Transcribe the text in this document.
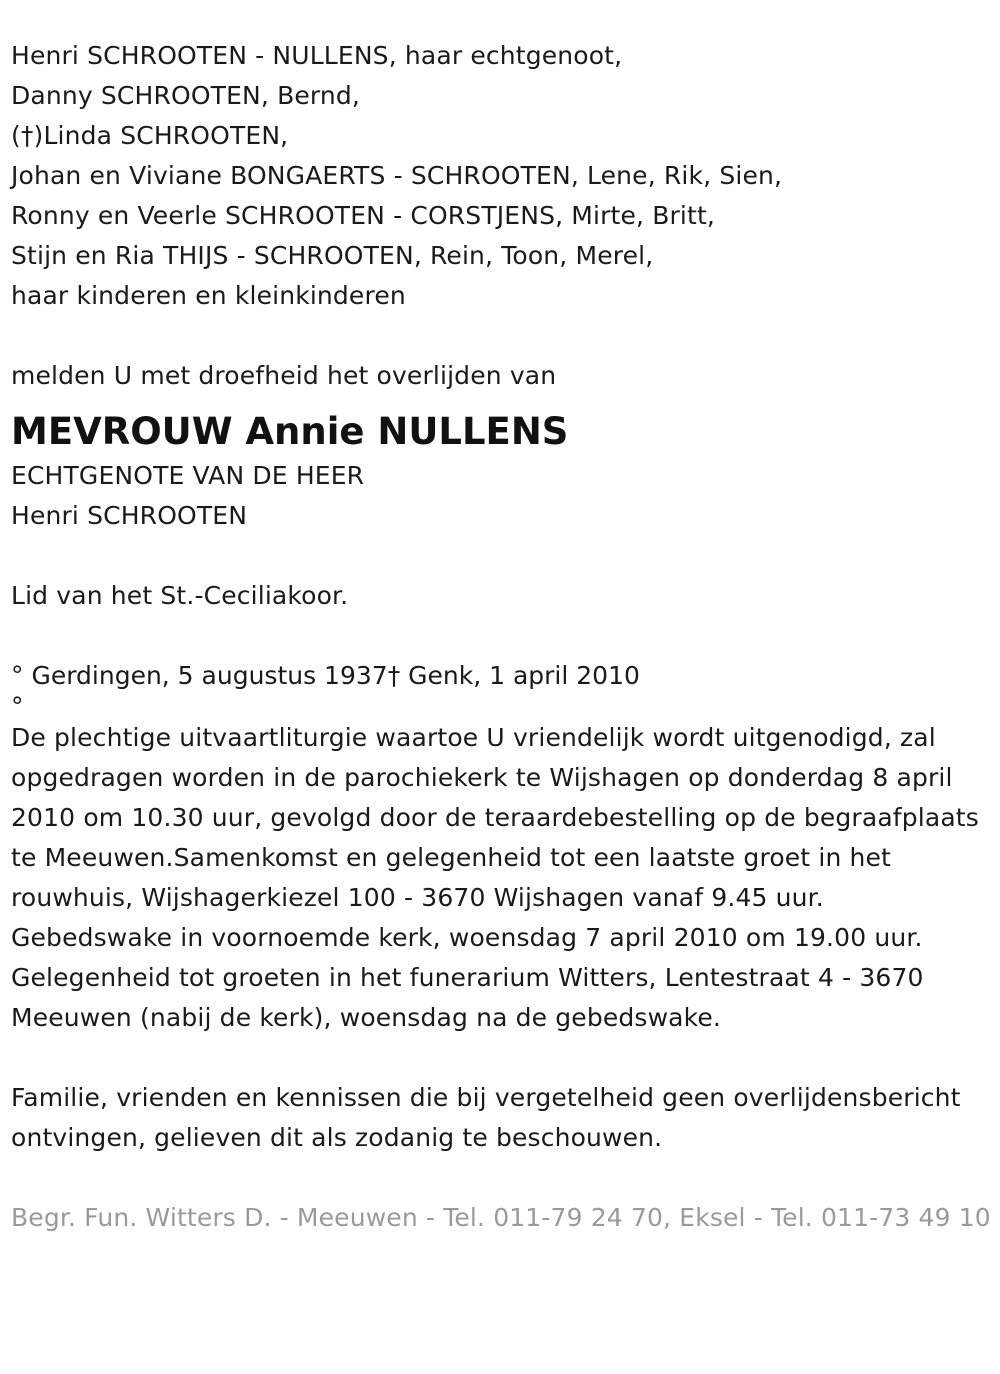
Henri SCHROOTEN - NULLENS, haar echtgenoot,
Danny SCHROOTEN, Bernd,
(†)Linda SCHROOTEN,
Johan en Viviane BONGAERTS - SCHROOTEN, Lene, Rik, Sien,
Ronny en Veerle SCHROOTEN - CORSTJENS, Mirte, Britt,
Stijn en Ria THIJS - SCHROOTEN, Rein, Toon, Merel,
haar kinderen en kleinkinderen
melden U met droefheid het overlijden van
MEVROUW Annie NULLENS
ECHTGENOTE VAN DE HEER
Henri SCHROOTEN
Lid van het St.-Ceciliakoor.
° Gerdingen, 5 augustus 1937† Genk, 1 april 2010
°
De plechtige uitvaartliturgie waartoe U vriendelijk wordt uitgenodigd, zal opgedragen worden in de parochiekerk te Wijshagen op donderdag 8 april 2010 om 10.30 uur, gevolgd door de teraardebestelling op de begraafplaats te Meeuwen.Samenkomst en gelegenheid tot een laatste groet in het rouwhuis, Wijshagerkiezel 100 - 3670 Wijshagen vanaf 9.45 uur.
Gebedswake in voornoemde kerk, woensdag 7 april 2010 om 19.00 uur.
Gelegenheid tot groeten in het funerarium Witters, Lentestraat 4 - 3670 Meeuwen (nabij de kerk), woensdag na de gebedswake.
Familie, vrienden en kennissen die bij vergetelheid geen overlijdensbericht ontvingen, gelieven dit als zodanig te beschouwen.
Begr. Fun. Witters D. - Meeuwen - Tel. 011-79 24 70, Eksel - Tel. 011-73 49 10
